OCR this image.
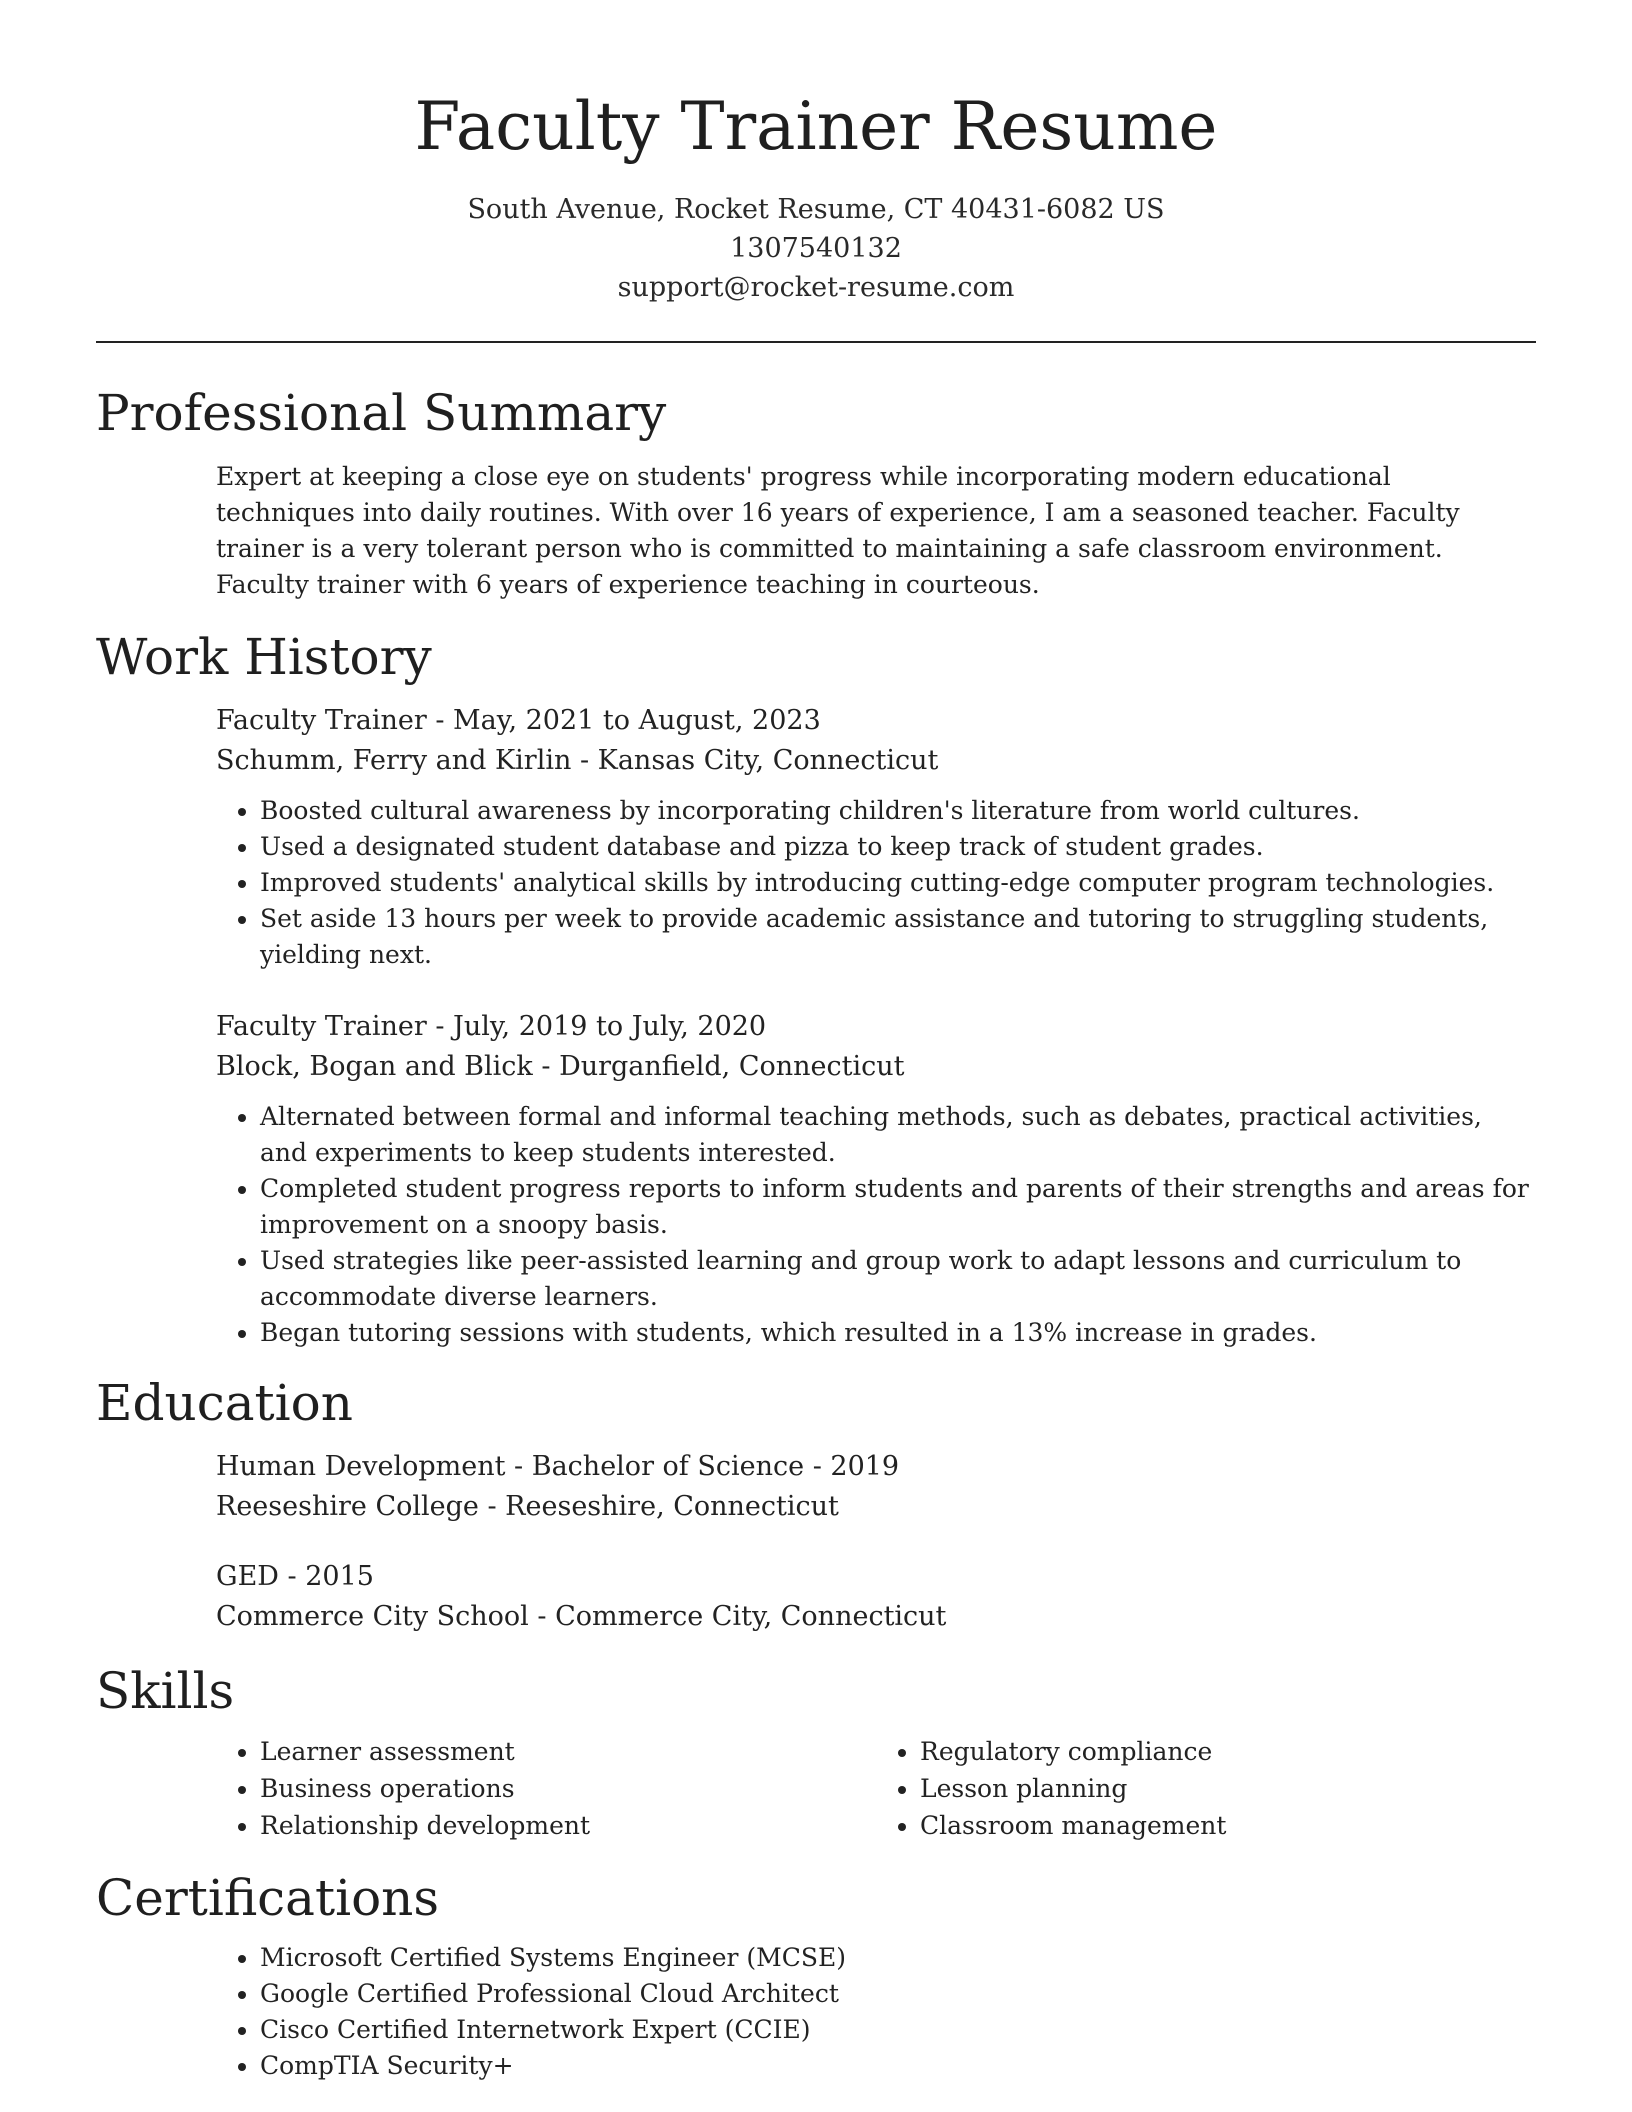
Faculty Trainer Resume
South Avenue, Rocket Resume, CT 40431-6082 US
1307540132
support@rocket-resume.com
Professional Summary
Expert at keeping a close eye on students' progress while incorporating modern educational techniques into daily routines. With over 16 years of experience, I am a seasoned teacher. Faculty trainer is a very tolerant person who is committed to maintaining a safe classroom environment. Faculty trainer with 6 years of experience teaching in courteous.
Work History
Faculty Trainer - May, 2021 to August, 2023
Schumm, Ferry and Kirlin - Kansas City, Connecticut
• Boosted cultural awareness by incorporating children's literature from world cultures.
• Used a designated student database and pizza to keep track of student grades.
• Improved students' analytical skills by introducing cutting-edge computer program technologies.
• Set aside 13 hours per week to provide academic assistance and tutoring to struggling students, yielding next.
Faculty Trainer - July, 2019 to July, 2020
Block, Bogan and Blick - Durganfield, Connecticut
• Alternated between formal and informal teaching methods, such as debates, practical activities, and experiments to keep students interested.
• Completed student progress reports to inform students and parents of their strengths and areas for improvement on a snoopy basis.
• Used strategies like peer-assisted learning and group work to adapt lessons and curriculum to accommodate diverse learners.
• Began tutoring sessions with students, which resulted in a 13% increase in grades.
Education
Human Development - Bachelor of Science - 2019
Reeseshire College - Reeseshire, Connecticut
GED - 2015
Commerce City School - Commerce City, Connecticut
Skills
• Learner assessment
• Business operations
• Relationship development
• Regulatory compliance
• Lesson planning
• Classroom management
Certifications
• Microsoft Certified Systems Engineer (MCSE)
• Google Certified Professional Cloud Architect
• Cisco Certified Internetwork Expert (CCIE)
• CompTIA Security+
